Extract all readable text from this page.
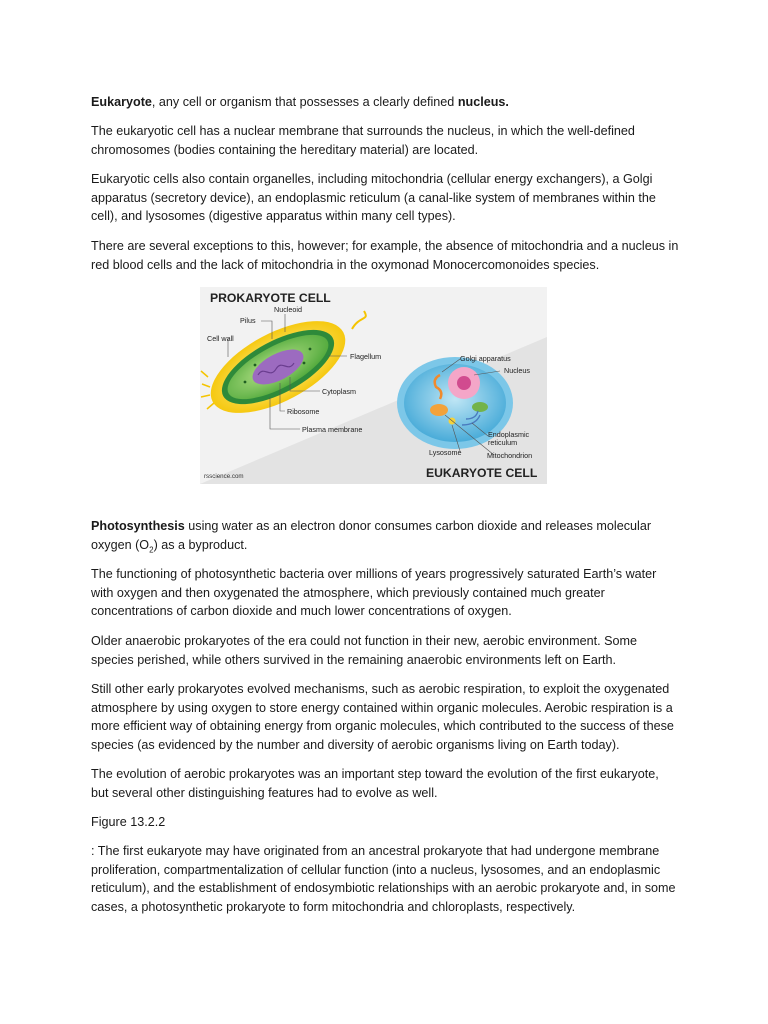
Eukaryote, any cell or organism that possesses a clearly defined nucleus.

The eukaryotic cell has a nuclear membrane that surrounds the nucleus, in which the well-defined chromosomes (bodies containing the hereditary material) are located.

Eukaryotic cells also contain organelles, including mitochondria (cellular energy exchangers), a Golgi apparatus (secretory device), an endoplasmic reticulum (a canal-like system of membranes within the cell), and lysosomes (digestive apparatus within many cell types).

There are several exceptions to this, however; for example, the absence of mitochondria and a nucleus in red blood cells and the lack of mitochondria in the oxymonad Monocercomonoides species.

PROKARYOTE CELL
Nucleoid
Pilus
Cell wall
Flagellum
Cytoplasm
Ribosome
Plasma membrane
Golgi apparatus
Nucleus
Endoplasmic
reticulum
Lysosome	Mitochondrion
rsscience.com	EUKARYOTE CELL

Photosynthesis using water as an electron donor consumes carbon dioxide and releases molecular oxygen $(O_2)$ as a byproduct.

The functioning of photosynthetic bacteria over millions of years progressively saturated Earth’s water with oxygen and then oxygenated the atmosphere, which previously contained much greater concentrations of carbon dioxide and much lower concentrations of oxygen.

Older anaerobic prokaryotes of the era could not function in their new, aerobic environment. Some species perished, while others survived in the remaining anaerobic environments left on Earth.

Still other early prokaryotes evolved mechanisms, such as aerobic respiration, to exploit the oxygenated atmosphere by using oxygen to store energy contained within organic molecules. Aerobic respiration is a more efficient way of obtaining energy from organic molecules, which contributed to the success of these species (as evidenced by the number and diversity of aerobic organisms living on Earth today).

The evolution of aerobic prokaryotes was an important step toward the evolution of the first eukaryote, but several other distinguishing features had to evolve as well.

Figure 13.2.2

: The first eukaryote may have originated from an ancestral prokaryote that had undergone membrane proliferation, compartmentalization of cellular function (into a nucleus, lysosomes, and an endoplasmic reticulum), and the establishment of endosymbiotic relationships with an aerobic prokaryote and, in some cases, a photosynthetic prokaryote to form mitochondria and chloroplasts, respectively.
